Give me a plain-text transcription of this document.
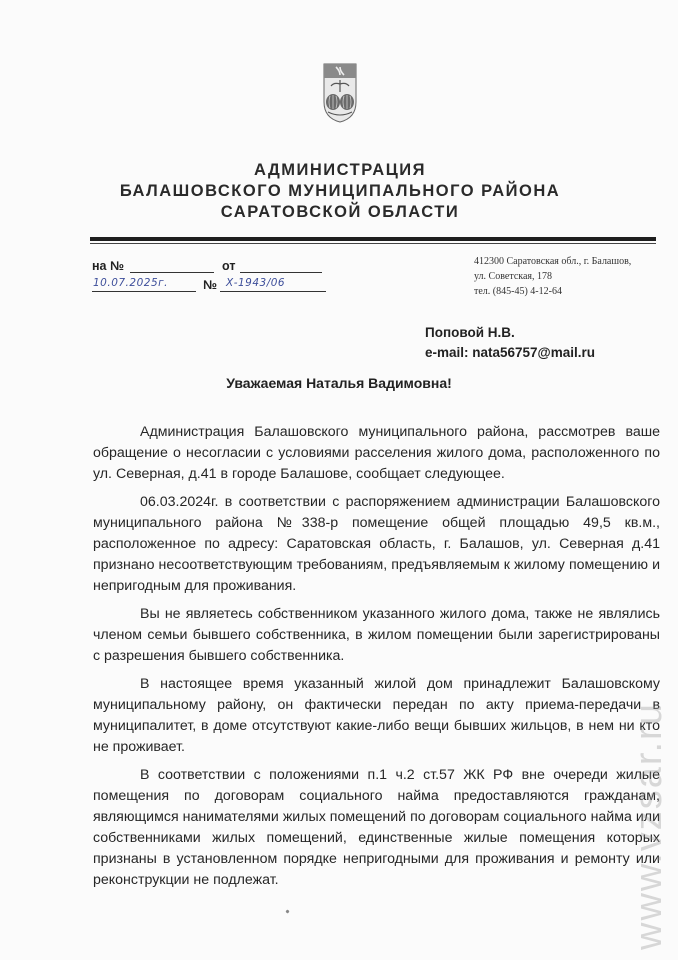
АДМИНИСТРАЦИЯ
БАЛАШОВСКОГО МУНИЦИПАЛЬНОГО РАЙОНА
САРАТОВСКОЙ ОБЛАСТИ
на №	от
10.07.2025г.	№ Х-1943/06
412300 Саратовская обл., г. Балашов,
ул. Советская, 178
тел. (845-45) 4-12-64
Поповой Н.В.
e-mail: nata56757@mail.ru
Уважаемая Наталья Вадимовна!

Администрация Балашовского муниципального района, рассмотрев ваше обращение о несогласии с условиями расселения жилого дома, расположенного по ул. Северная, д.41 в городе Балашове, сообщает следующее.

06.03.2024г. в соответствии с распоряжением администрации Балашовского муниципального района №338-р помещение общей площадью 49,5 кв.м., расположенное по адресу: Саратовская область, г. Балашов, ул. Северная д.41 признано несоответствующим требованиям, предъявляемым к жилому помещению и непригодным для проживания.

Вы не являетесь собственником указанного жилого дома, также не являлись членом семьи бывшего собственника, в жилом помещении были зарегистрированы с разрешения бывшего собственника.

В настоящее время указанный жилой дом принадлежит Балашовскому муниципальному району, он фактически передан по акту приема-передачи в муниципалитет, в доме отсутствуют какие-либо вещи бывших жильцов, в нем ни кто не проживает.

В соответствии с положениями п.1 ч.2 ст.57 ЖК РФ вне очереди жилые помещения по договорам социального найма предоставляются гражданам, являющимся нанимателями жилых помещений по договорам социального найма или собственниками жилых помещений, единственные жилые помещения которых признаны в установленном порядке непригодными для проживания и ремонту или реконструкции не подлежат.	www.vzsar.ru
